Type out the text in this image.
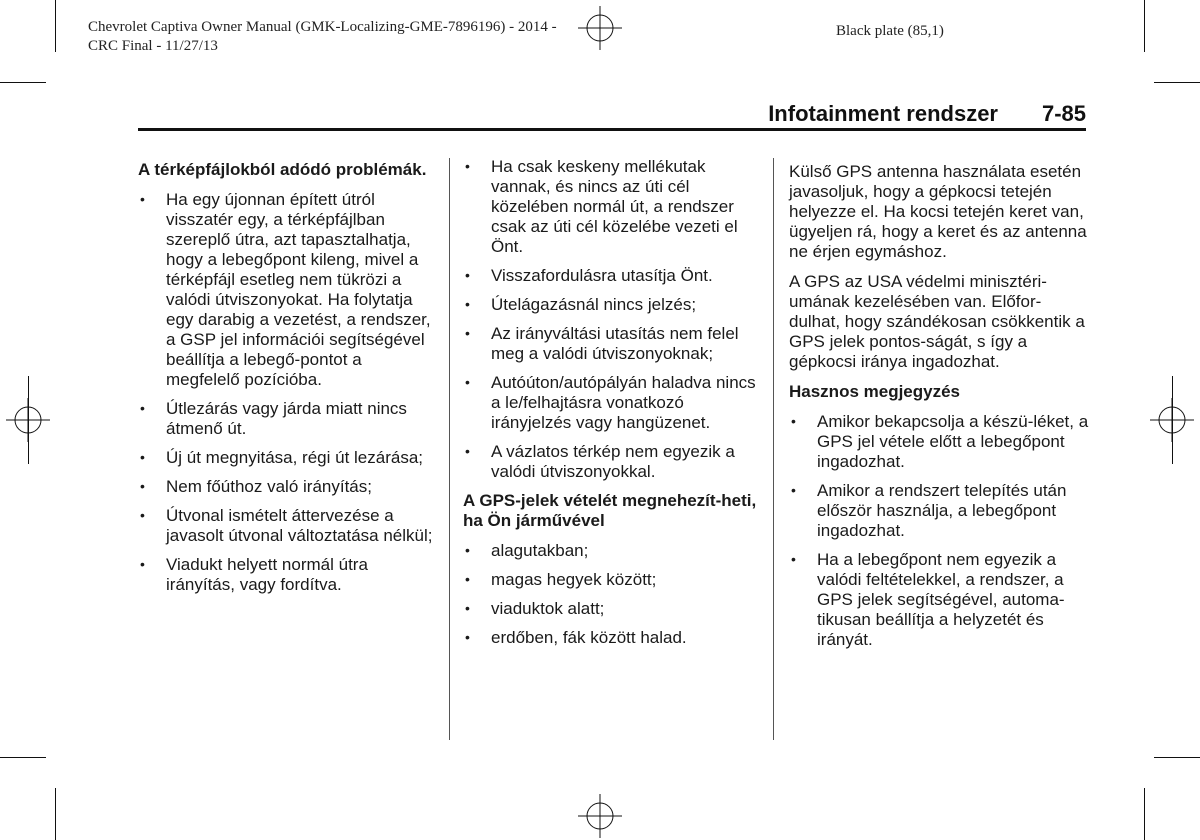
Chevrolet Captiva Owner Manual (GMK-Localizing-GME-7896196) - 2014 -
CRC Final - 11/27/13
Black plate (85,1)
Infotainment rendszer 7-85
A térképfájlokból adódó problémák.
• Ha egy újonnan épített útról visszatér egy, a térképfájlban szereplő útra, azt tapasztalhatja, hogy a lebegőpont kileng, mivel a térképfájl esetleg nem tükrözi a valódi útviszonyokat. Ha folytatja egy darabig a vezetést, a rendszer, a GSP jel információi segítségével beállítja a lebegő-pontot a megfelelő pozícióba.
• Útlezárás vagy járda miatt nincs átmenő út.
• Új út megnyitása, régi út lezárása;
• Nem főúthoz való irányítás;
• Útvonal ismételt áttervezése a javasolt útvonal változtatása nélkül;
• Viadukt helyett normál útra irányítás, vagy fordítva.
• Ha csak keskeny mellékutak vannak, és nincs az úti cél közelében normál út, a rendszer csak az úti cél közelébe vezeti el Önt.
• Visszafordulásra utasítja Önt.
• Útelágazásnál nincs jelzés;
• Az irányváltási utasítás nem felel meg a valódi útviszonyoknak;
• Autóúton/autópályán haladva nincs a le/felhajtásra vonatkozó irányjelzés vagy hangüzenet.
• A vázlatos térkép nem egyezik a valódi útviszonyokkal.
A GPS-jelek vételét megnehezít-heti, ha Ön járművével
• alagutakban;
• magas hegyek között;
• viaduktok alatt;
• erdőben, fák között halad.
Külső GPS antenna használata esetén javasoljuk, hogy a gépkocsi tetején helyezze el. Ha kocsi tetején keret van, ügyeljen rá, hogy a keret és az antenna ne érjen egymáshoz.
A GPS az USA védelmi minisztéri-umának kezelésében van. Előfor-dulhat, hogy szándékosan csökkentik a GPS jelek pontos-ságát, s így a gépkocsi iránya ingadozhat.
Hasznos megjegyzés
• Amikor bekapcsolja a készü-léket, a GPS jel vétele előtt a lebegőpont ingadozhat.
• Amikor a rendszert telepítés után először használja, a lebegőpont ingadozhat.
• Ha a lebegőpont nem egyezik a valódi feltételekkel, a rendszer, a GPS jelek segítségével, automa-tikusan beállítja a helyzetét és irányát.
